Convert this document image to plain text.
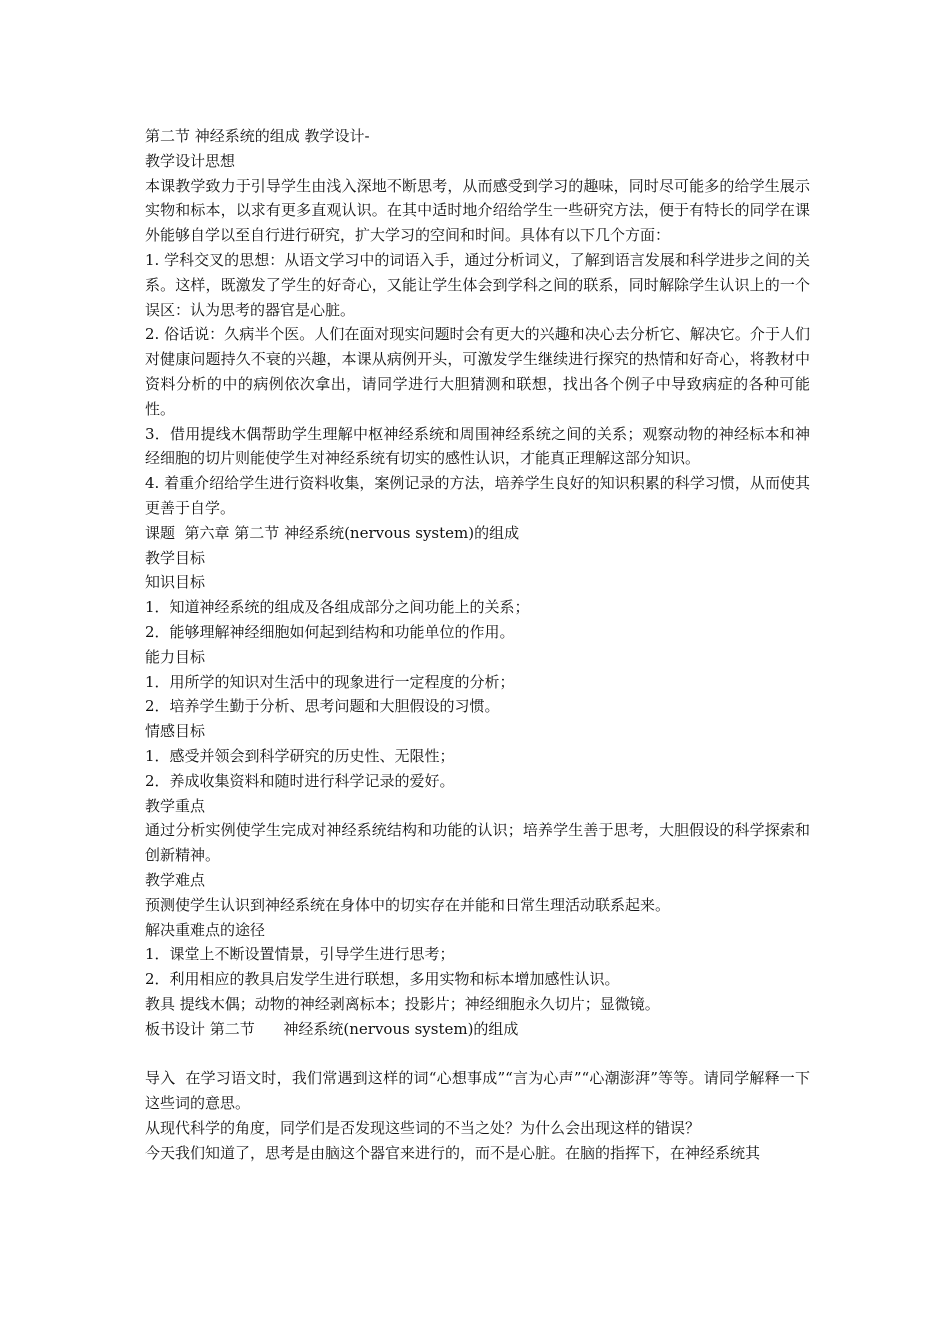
第二节 神经系统的组成 教学设计-

教学设计思想

本课教学致力于引导学生由浅入深地不断思考，从而感受到学习的趣味，同时尽可能多的给学生展示实物和标本，以求有更多直观认识。在其中适时地介绍给学生一些研究方法，便于有特长的同学在课外能够自学以至自行进行研究，扩大学习的空间和时间。具体有以下几个方面：

1. 学科交叉的思想：从语文学习中的词语入手，通过分析词义，了解到语言发展和科学进步之间的关系。这样，既激发了学生的好奇心，又能让学生体会到学科之间的联系，同时解除学生认识上的一个误区：认为思考的器官是心脏。

2. 俗话说：久病半个医。人们在面对现实问题时会有更大的兴趣和决心去分析它、解决它。介于人们对健康问题持久不衰的兴趣，本课从病例开头，可激发学生继续进行探究的热情和好奇心，将教材中资料分析的中的病例依次拿出，请同学进行大胆猜测和联想，找出各个例子中导致病症的各种可能性。

3．借用提线木偶帮助学生理解中枢神经系统和周围神经系统之间的关系；观察动物的神经标本和神经细胞的切片则能使学生对神经系统有切实的感性认识，才能真正理解这部分知识。

4. 着重介绍给学生进行资料收集，案例记录的方法，培养学生良好的知识积累的科学习惯，从而使其更善于自学。

课题  第六章 第二节 神经系统(nervous system)的组成

教学目标

知识目标

1．知道神经系统的组成及各组成部分之间功能上的关系；

2．能够理解神经细胞如何起到结构和功能单位的作用。

能力目标

1．用所学的知识对生活中的现象进行一定程度的分析；

2．培养学生勤于分析、思考问题和大胆假设的习惯。

情感目标

1．感受并领会到科学研究的历史性、无限性；

2．养成收集资料和随时进行科学记录的爱好。

教学重点

通过分析实例使学生完成对神经系统结构和功能的认识；培养学生善于思考，大胆假设的科学探索和创新精神。

教学难点

预测使学生认识到神经系统在身体中的切实存在并能和日常生理活动联系起来。

解决重难点的途径

1．课堂上不断设置情景，引导学生进行思考；

2．利用相应的教具启发学生进行联想，多用实物和标本增加感性认识。

教具 提线木偶；动物的神经剥离标本；投影片；神经细胞永久切片；显微镜。

板书设计 第二节      神经系统(nervous system)的组成

导入  在学习语文时，我们常遇到这样的词“心想事成”“言为心声”“心潮澎湃”等等。请同学解释一下这些词的意思。

从现代科学的角度，同学们是否发现这些词的不当之处？为什么会出现这样的错误？

今天我们知道了，思考是由脑这个器官来进行的，而不是心脏。在脑的指挥下，在神经系统其
